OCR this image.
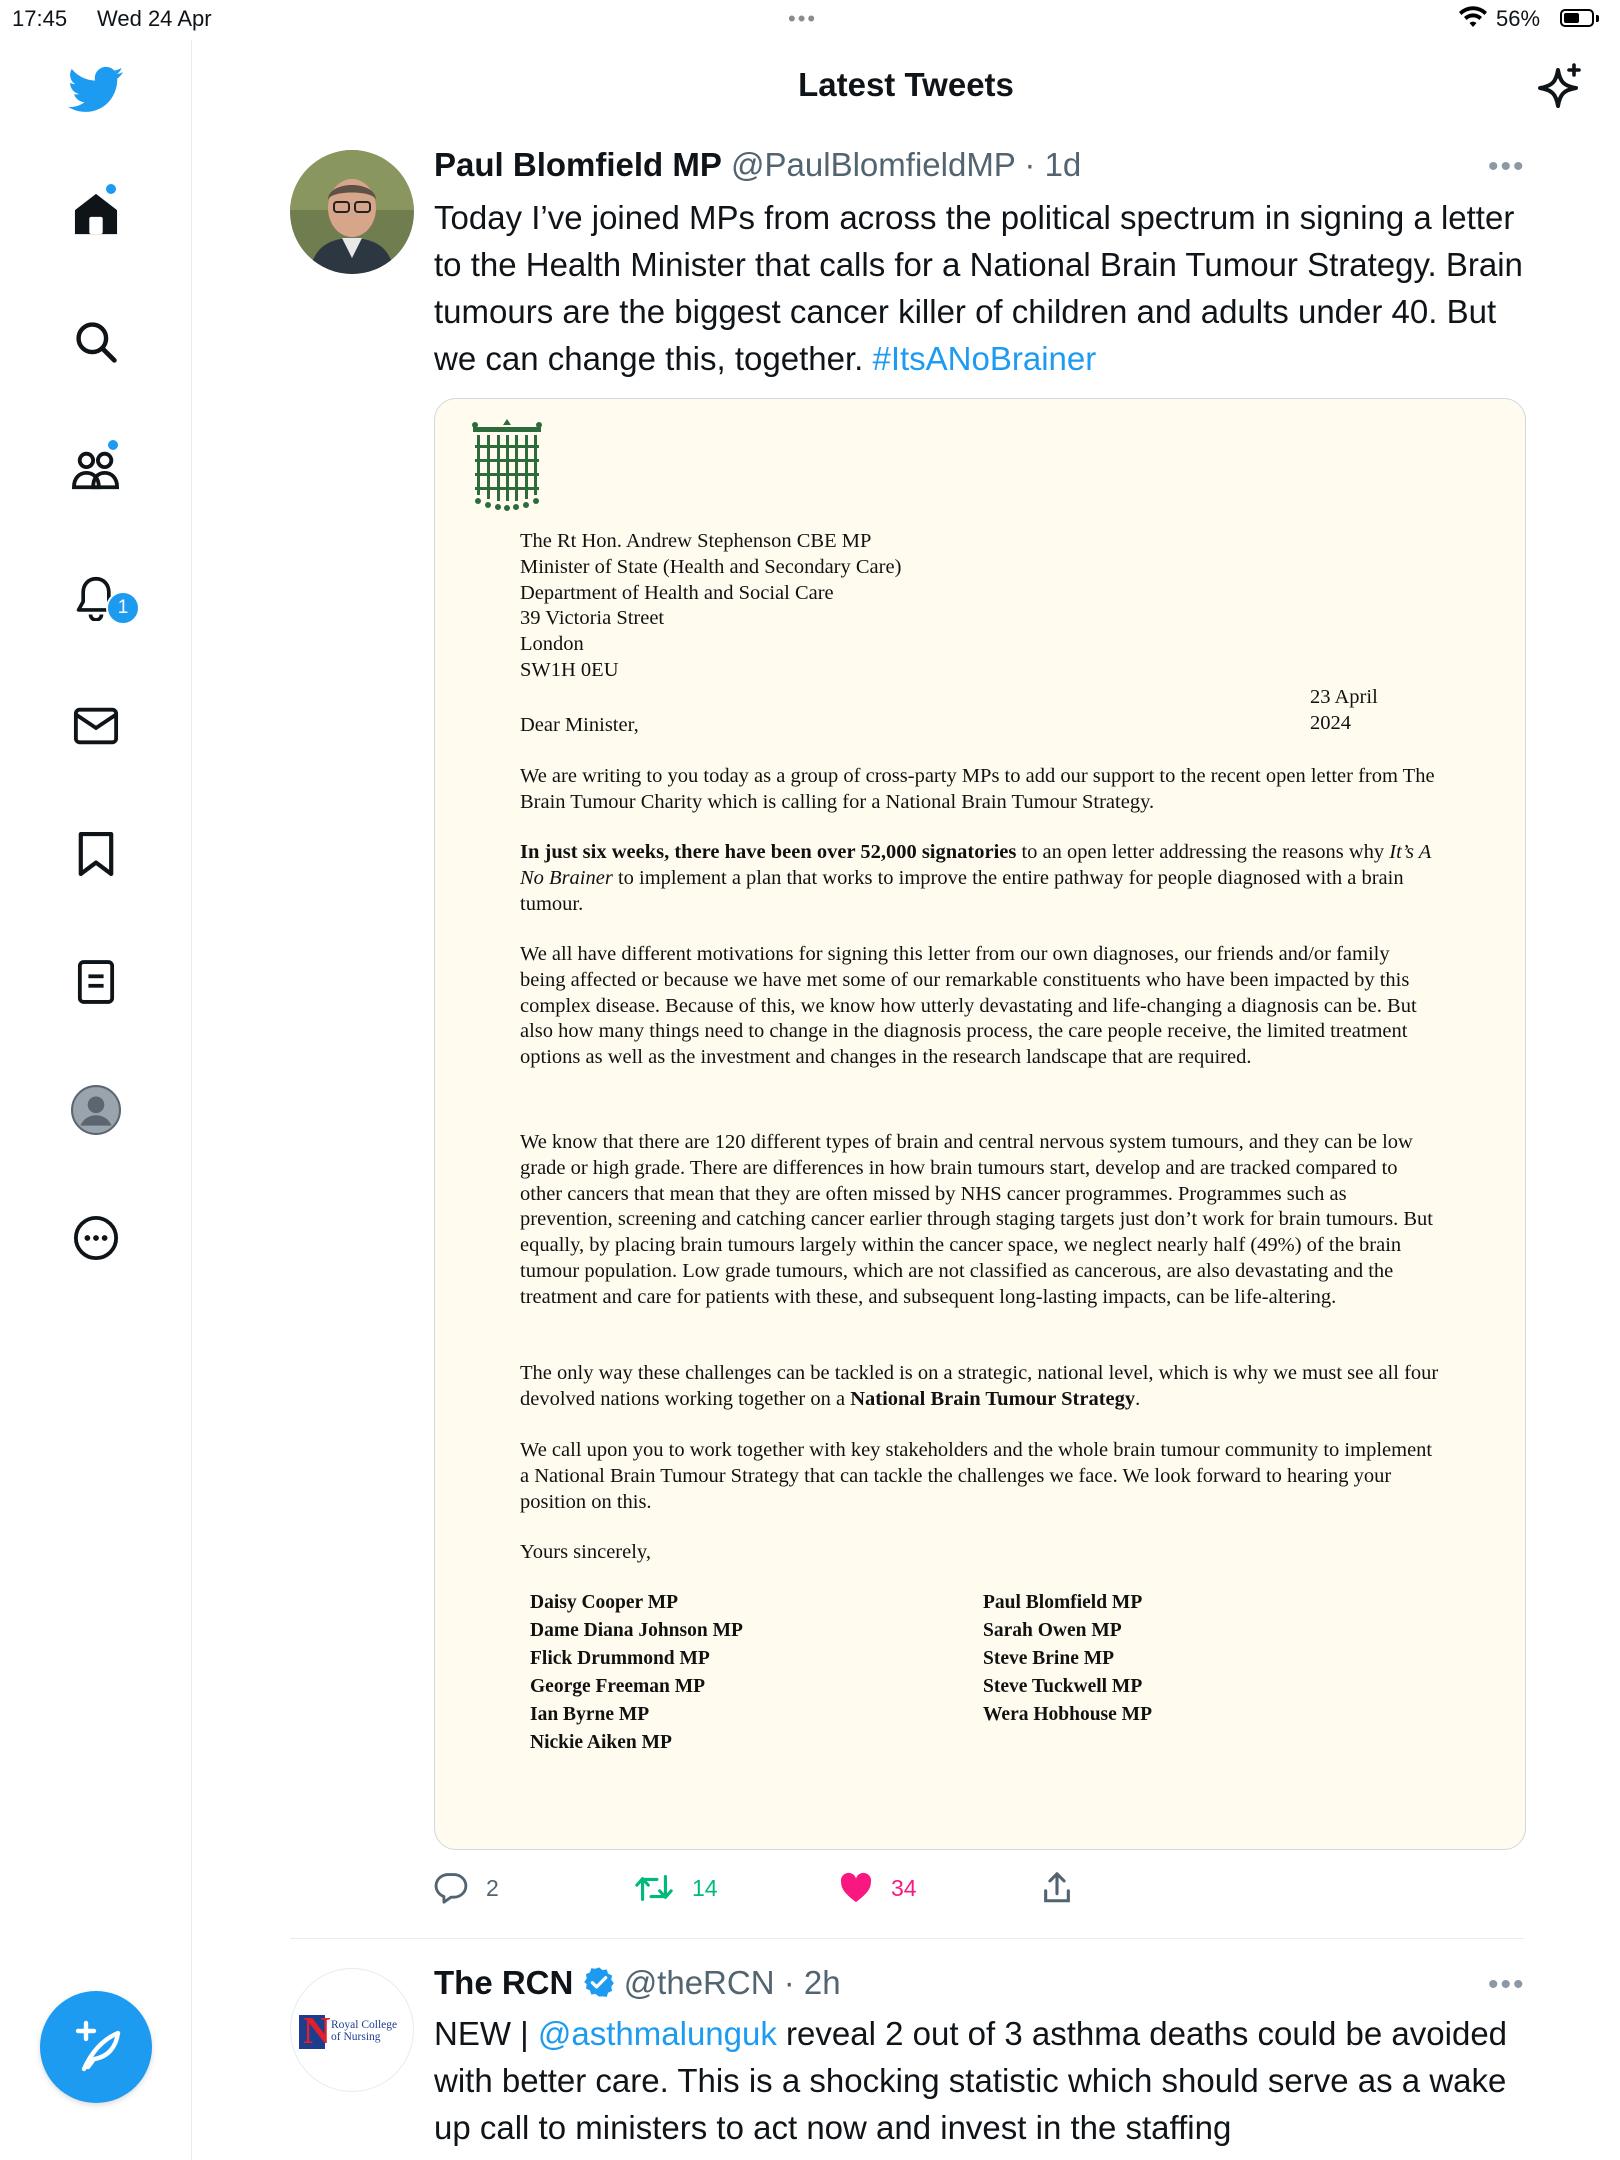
17:45 Wed 24 Apr	•••	56%
1
Latest Tweets
Paul Blomfield MP @PaulBlomfieldMP · 1d	•••
Today I’ve joined MPs from across the political spectrum in signing a letter to the Health Minister that calls for a National Brain Tumour Strategy. Brain tumours are the biggest cancer killer of children and adults under 40. But we can change this, together. #ItsANoBrainer
The Rt Hon. Andrew Stephenson CBE MP
Minister of State (Health and Secondary Care)
Department of Health and Social Care
39 Victoria Street
London
SW1H 0EU
23 April 2024
Dear Minister,
We are writing to you today as a group of cross-party MPs to add our support to the recent open letter from The Brain Tumour Charity which is calling for a National Brain Tumour Strategy.
In just six weeks, there have been over 52,000 signatories to an open letter addressing the reasons why It’s A No Brainer to implement a plan that works to improve the entire pathway for people diagnosed with a brain tumour.
We all have different motivations for signing this letter from our own diagnoses, our friends and/or family being affected or because we have met some of our remarkable constituents who have been impacted by this complex disease. Because of this, we know how utterly devastating and life-changing a diagnosis can be. But also how many things need to change in the diagnosis process, the care people receive, the limited treatment options as well as the investment and changes in the research landscape that are required.
We know that there are 120 different types of brain and central nervous system tumours, and they can be low grade or high grade. There are differences in how brain tumours start, develop and are tracked compared to other cancers that mean that they are often missed by NHS cancer programmes. Programmes such as prevention, screening and catching cancer earlier through staging targets just don’t work for brain tumours. But equally, by placing brain tumours largely within the cancer space, we neglect nearly half (49%) of the brain tumour population. Low grade tumours, which are not classified as cancerous, are also devastating and the treatment and care for patients with these, and subsequent long-lasting impacts, can be life-altering.
The only way these challenges can be tackled is on a strategic, national level, which is why we must see all four devolved nations working together on a National Brain Tumour Strategy.
We call upon you to work together with key stakeholders and the whole brain tumour community to implement a National Brain Tumour Strategy that can tackle the challenges we face. We look forward to hearing your position on this.
Yours sincerely,
Daisy Cooper MP
Dame Diana Johnson MP
Flick Drummond MP
George Freeman MP
Ian Byrne MP
Nickie Aiken MP
Paul Blomfield MP
Sarah Owen MP
Steve Brine MP
Steve Tuckwell MP
Wera Hobhouse MP
2	14	34
N Royal College of Nursing
The RCN @theRCN · 2h	•••
NEW | @asthmalunguk reveal 2 out of 3 asthma deaths could be avoided with better care. This is a shocking statistic which should serve as a wake up call to ministers to act now and invest in the staffing
